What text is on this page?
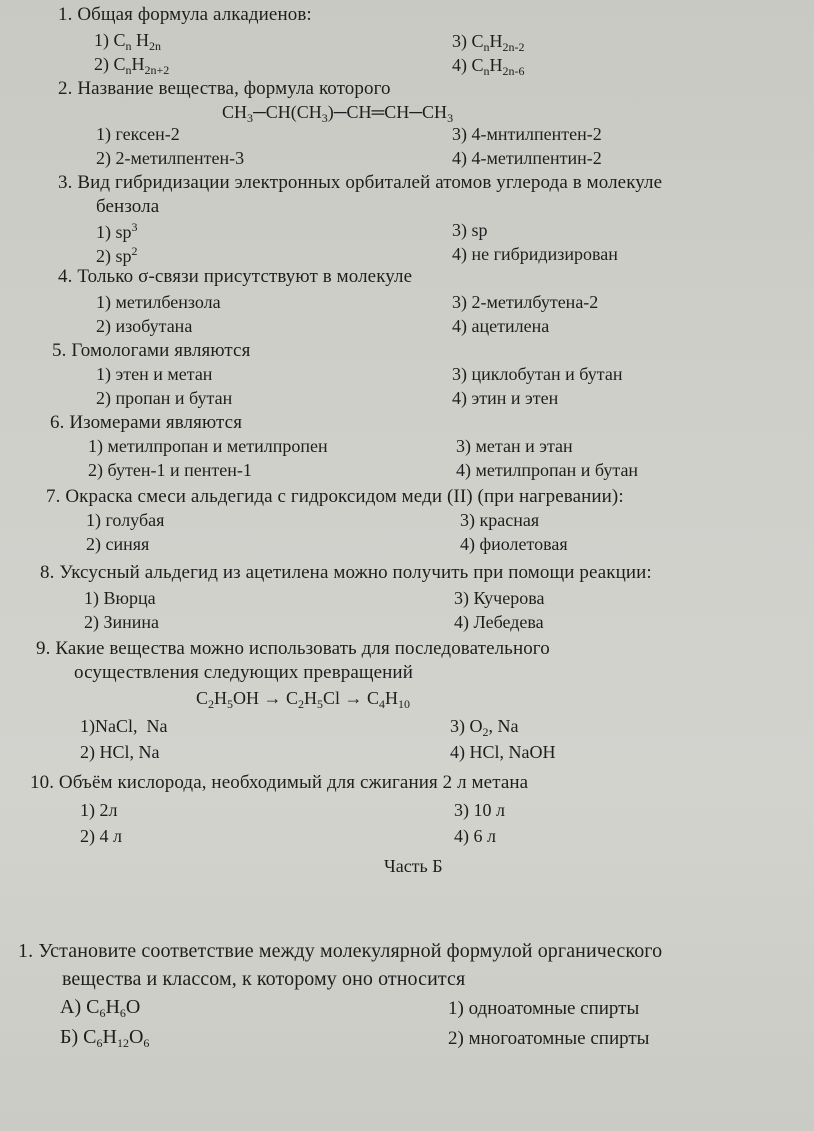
1. Общая формула алкадиенов:
1) $C_n$ $H_{2n}$	3) $C_nH_{2n-2}$
2) $C_nH_{2n+2}$	4) $C_nH_{2n-6}$
2. Название вещества, формула которого
$CH_3─CH(CH_3)─CH═CH─CH_3$
1) гексен-2	3) 4-мнтилпентен-2
2) 2-метилпентен-3	4) 4-метилпентин-2
3. Вид гибридизации электронных орбиталей атомов углерода в молекуле
бензола
1) $sp^3$	3) sp
2) $sp^2$	4) не гибридизирован
4. Только σ-связи присутствуют в молекуле
1) метилбензола	3) 2-метилбутена-2
2) изобутана	4) ацетилена
5. Гомологами являются
1) этен и метан	3) циклобутан и бутан
2) пропан и бутан	4) этин и этен
6. Изомерами являются
1) метилпропан и метилпропен	3) метан и этан
2) бутен-1 и пентен-1	4) метилпропан и бутан
7. Окраска смеси альдегида с гидроксидом меди (II) (при нагревании):
1) голубая	3) красная
2) синяя	4) фиолетовая
8. Уксусный альдегид из ацетилена можно получить при помощи реакции:
1) Вюрца	3) Кучерова
2) Зинина	4) Лебедева
9. Какие вещества можно использовать для последовательного
осуществления следующих превращений
$C_2H_5OH \to C_2H_5Cl \to C_4H_{10}$
1)NaCl,  Na	3) $O_2$, Na
2) HCl, Na	4) HCl, NaOH
10. Объём кислорода, необходимый для сжигания 2 л метана
1) 2л	3) 10 л
2) 4 л	4) 6 л
Часть Б
1. Установите соответствие между молекулярной формулой органического
вещества и классом, к которому оно относится
А) $C_6H_6O$	1) одноатомные спирты
Б) $C_6H_{12}O_6$	2) многоатомные спирты
